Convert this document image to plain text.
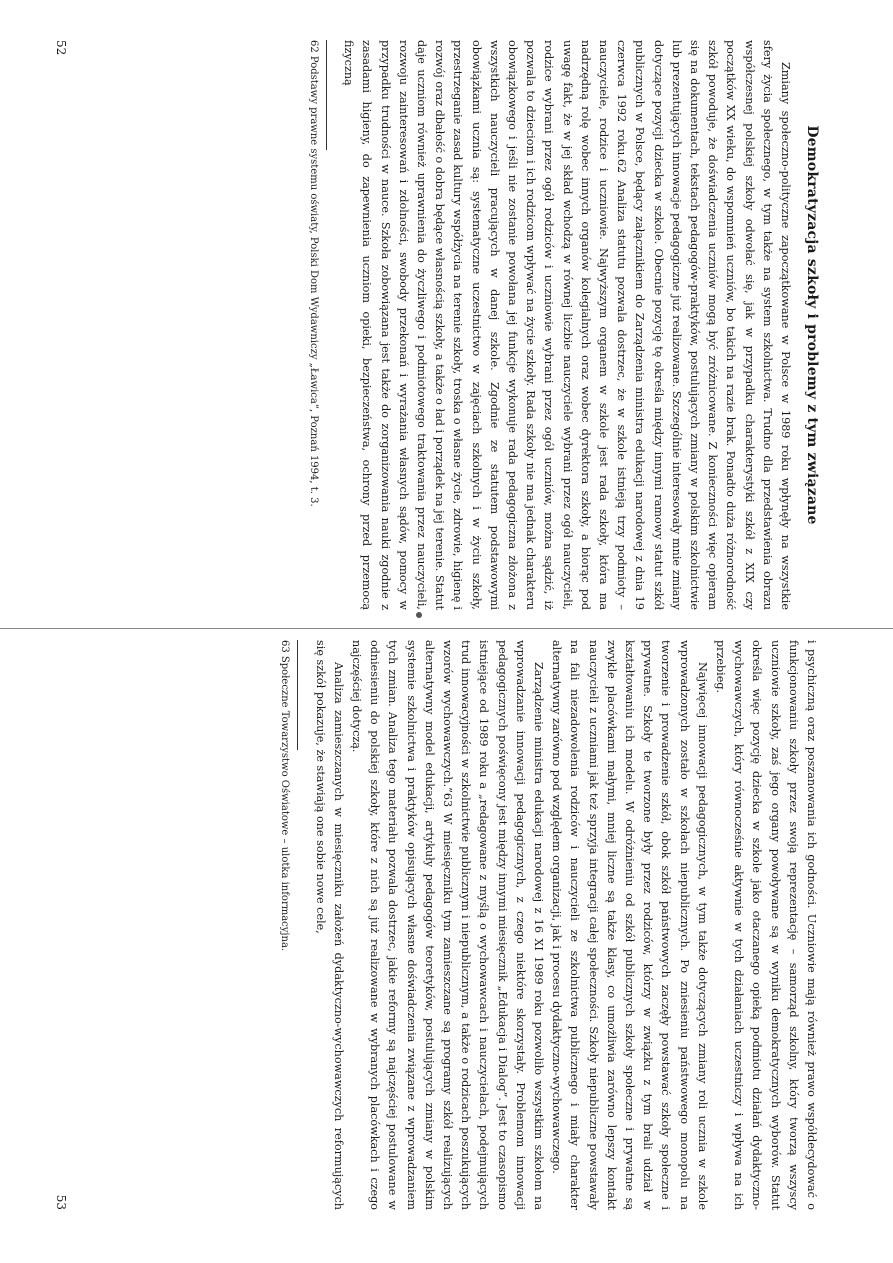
Demokratyzacja szkoły i problemy z tym związane

Zmiany społeczno-polityczne zapoczątkowane w Polsce w 1989 roku wpłynęły na wszystkie sfery życia społecznego, w tym także na system szkolnictwa. Trudno dla przedstawienia obrazu współczesnej polskiej szkoły odwołać się, jak w przypadku charakterystyki szkół z XIX czy początków XX wieku, do wspomnień uczniów, bo takich na razie brak. Ponadto duża różnorodność szkół powoduje, że doświadczenia uczniów mogą być zróżnicowane. Z konieczności więc opieram się na dokumentach, tekstach pedagogów-praktyków, postulujących zmiany w polskim szkolnictwie lub prezentujących innowacje pedagogiczne już realizowane. Szczególnie interesowały mnie zmiany dotyczące pozycji dziecka w szkole. Obecnie pozycję tę określa między innymi ramowy statut szkół publicznych w Polsce, będący załącznikiem do Zarządzenia ministra edukacji narodowej z dnia 19 czerwca 1992 roku.62 Analiza statutu pozwala dostrzec, że w szkole istnieją trzy podmioty – nauczyciele, rodzice i uczniowie. Najwyższym organem w szkole jest rada szkoły, która ma nadrzędną rolę wobec innych organów kolegialnych oraz wobec dyrektora szkoły, a biorąc pod uwagę fakt, że w jej skład wchodzą w równej liczbie nauczyciele wybrani przez ogół nauczycieli, rodzice wybrani przez ogół rodziców i uczniowie wybrani przez ogół uczniów, można sądzić, iż pozwala to dzieciom i ich rodzicom wpływać na życie szkoły. Rada szkoły nie ma jednak charakteru obowiązkowego i jeśli nie zostanie powołana jej funkcje wykonuje rada pedagogiczna złożona z wszystkich nauczycieli pracujących w danej szkole. Zgodnie ze statutem podstawowymi obowiązkami ucznia są: systematyczne uczestnictwo w zajęciach szkolnych i w życiu szkoły, przestrzeganie zasad kultury współżycia na terenie szkoły, troska o własne życie, zdrowie, higienę i rozwój oraz dbałość o dobra będące własnością szkoły, a także o ład i porządek na jej terenie. Statut daje uczniom również uprawnienia do życzliwego i podmiotowego traktowania przez nauczycieli, rozwoju zainteresowań i zdolności, swobody przekonań i wyrażania własnych sądów, pomocy w przypadku trudności w nauce. Szkoła zobowiązana jest także do zorganizowania nauki zgodnie z zasadami higieny, do zapewnienia uczniom opieki, bezpieczeństwa, ochrony przed przemocą fizyczną

62 Podstawy prawne systemu oświaty, Polski Dom Wydawniczy „Ławica”, Poznań 1994, t. 3.
52

i psychiczną oraz poszanowania ich godności. Uczniowie mają również prawo współdecydować o funkcjonowaniu szkoły przez swoją reprezentację – samorząd szkolny, który tworzą wszyscy uczniowie szkoły, zaś jego organy powoływane są w wyniku demokratycznych wyborów. Statut określa więc pozycję dziecka w szkole jako otaczanego opieką podmiotu działań dydaktyczno-wychowawczych, który równocześnie aktywnie w tych działaniach uczestniczy i wpływa na ich przebieg.

Najwięcej innowacji pedagogicznych, w tym także dotyczących zmiany roli ucznia w szkole wprowadzonych zostało w szkołach niepublicznych. Po zniesieniu państwowego monopolu na tworzenie i prowadzenie szkół, obok szkół państwowych zaczęły powstawać szkoły społeczne i prywatne. Szkoły te tworzone były przez rodziców, którzy w związku z tym brali udział w kształtowaniu ich modelu. W odróżnieniu od szkół publicznych szkoły społeczne i prywatne są zwykle placówkami małymi, mniej liczne są także klasy, co umożliwia zarówno lepszy kontakt nauczycieli z uczniami jak też sprzyja integracji całej społeczności. Szkoły niepubliczne powstawały na fali niezadowolenia rodziców i nauczycieli ze szkolnictwa publicznego i miały charakter alternatywny zarówno pod względem organizacji, jak i procesu dydaktyczno-wychowawczego.

Zarządzenie ministra edukacji narodowej z 16 XI 1989 roku pozwoliło wszystkim szkołom na wprowadzanie innowacji pedagogicznych, z czego niektóre skorzystały. Problemom innowacji pedagogicznych poświęcony jest między innymi miesięcznik „Edukacja i Dialog”. Jest to czasopismo istniejące od 1989 roku a „redagowane z myślą o wychowawcach i nauczycielach, podejmujących trud innowacyjności w szkolnictwie publicznym i niepublicznym, a także o rodzicach poszukujących wzorów wychowawczych.”63 W miesięczniku tym zamieszczane są programy szkół realizujących alternatywny model edukacji, artykuły pedagogów teoretyków, postulujących zmiany w polskim systemie szkolnictwa i praktyków opisujących własne doświadczenia związane z wprowadzaniem tych zmian. Analiza tego materiału pozwala dostrzec, jakie reformy są najczęściej postulowane w odniesieniu do polskiej szkoły, które z nich są już realizowane w wybranych placówkach i czego najczęściej dotyczą.

Analiza zamieszczanych w miesięczniku założeń dydaktyczno-wychowawczych reformujących się szkół pokazuje, że stawiają one sobie nowe cele,

63 Społeczne Towarzystwo Oświatowe – ulotka informacyjna.
53
